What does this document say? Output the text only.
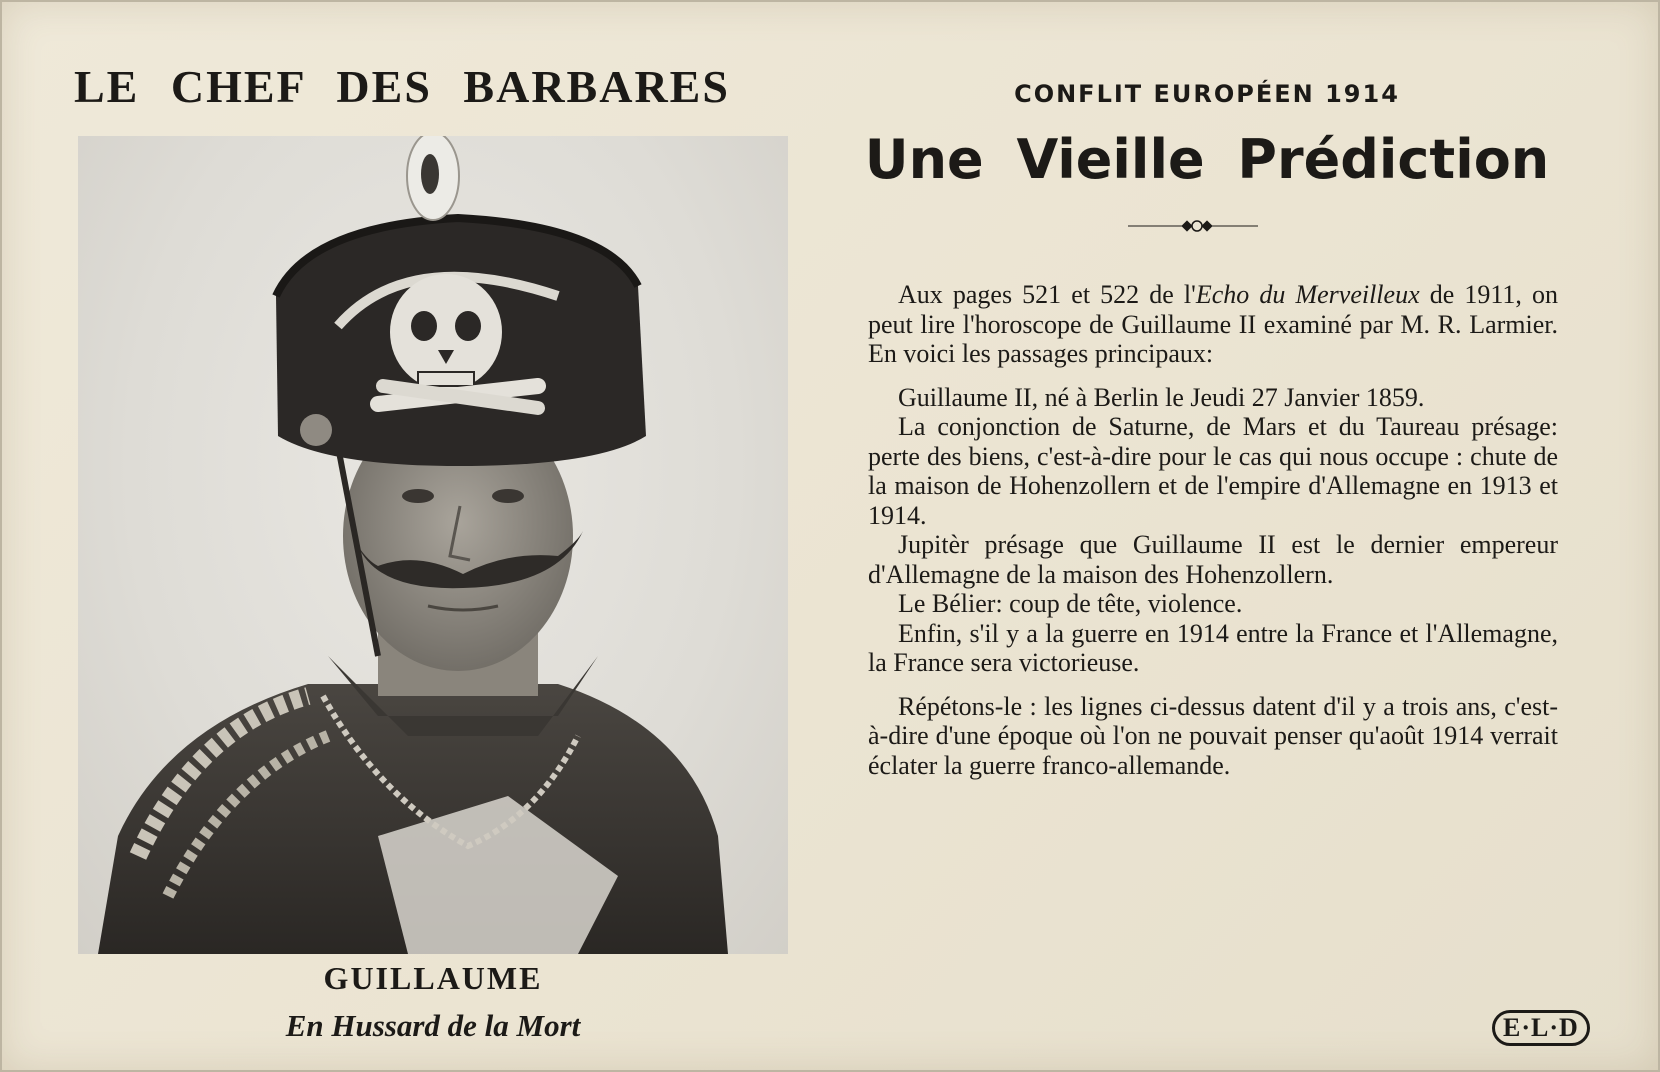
LE CHEF DES BARBARES
GUILLAUME
En Hussard de la Mort
CONFLIT EUROPÉEN 1914
Une Vieille Prédiction

Aux pages 521 et 522 de l'Echo du Merveilleux de 1911, on peut lire l'horoscope de Guillaume II examiné par M. R. Larmier. En voici les passages principaux:

Guillaume II, né à Berlin le Jeudi 27 Janvier 1859.

La conjonction de Saturne, de Mars et du Taureau présage: perte des biens, c'est-à-dire pour le cas qui nous occupe : chute de la maison de Hohenzollern et de l'empire d'Allemagne en 1913 et 1914.

Jupitèr présage que Guillaume II est le dernier empereur d'Allemagne de la maison des Hohenzollern.

Le Bélier: coup de tête, violence.

Enfin, s'il y a la guerre en 1914 entre la France et l'Allemagne, la France sera victorieuse.

Répétons-le : les lignes ci-dessus datent d'il y a trois ans, c'est-à-dire d'une époque où l'on ne pouvait penser qu'août 1914 verrait éclater la guerre franco-allemande.

E·L·D
